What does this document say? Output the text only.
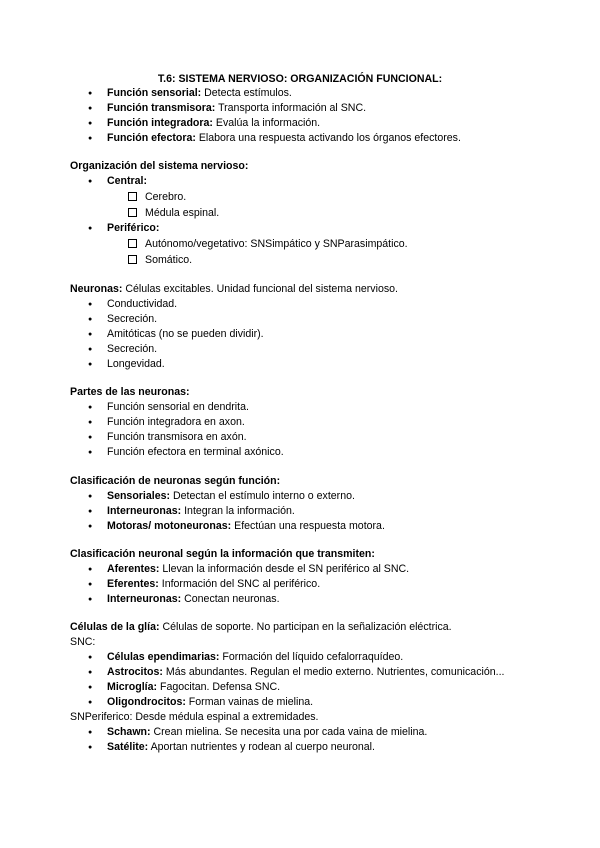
T.6: SISTEMA NERVIOSO: ORGANIZACIÓN FUNCIONAL:
● Función sensorial: Detecta estímulos.
● Función transmisora: Transporta información al SNC.
● Función integradora: Evalúa la información.
● Función efectora: Elabora una respuesta activando los órganos efectores.
Organización del sistema nervioso:
● Central:
Cerebro.
Médula espinal.
● Periférico:
Autónomo/vegetativo: SNSimpático y SNParasimpático.
Somático.
Neuronas: Células excitables. Unidad funcional del sistema nervioso.
● Conductividad.
● Secreción.
● Amitóticas (no se pueden dividir).
● Secreción.
● Longevidad.
Partes de las neuronas:
● Función sensorial en dendrita.
● Función integradora en axon.
● Función transmisora en axón.
● Función efectora en terminal axónico.
Clasificación de neuronas según función:
● Sensoriales: Detectan el estímulo interno o externo.
● Interneuronas: Integran la información.
● Motoras/ motoneuronas: Efectúan una respuesta motora.
Clasificación neuronal según la información que transmiten:
● Aferentes: Llevan la información desde el SN periférico al SNC.
● Eferentes: Información del SNC al periférico.
● Interneuronas: Conectan neuronas.
Células de la glía: Células de soporte. No participan en la señalización eléctrica.
SNC:
● Células ependimarias: Formación del líquido cefalorraquídeo.
● Astrocitos: Más abundantes. Regulan el medio externo. Nutrientes, comunicación...
● Microglía: Fagocitan. Defensa SNC.
● Oligondrocitos: Forman vainas de mielina.
SNPeriferico: Desde médula espinal a extremidades.
● Schawn: Crean mielina. Se necesita una por cada vaina de mielina.
● Satélite: Aportan nutrientes y rodean al cuerpo neuronal.
